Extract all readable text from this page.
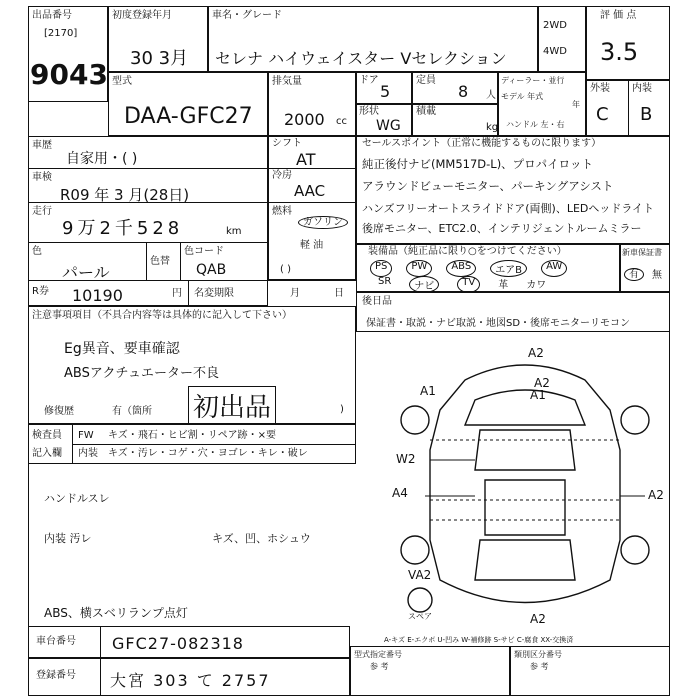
出品番号
[2170]
9043
初度登録年月
30 3月
車名・グレード
セレナ ハイウェイスター Vセレクション
2WD
4WD
評 価 点
3.5
型式
DAA-GFC27
排気量
2000 cc
ドア
5
定員
8 人
ディーラー・並行
モデル 年式
年
ハンドル 左・右
形状
WG
積載
kg
外装 内装
C B
車歴
自家用・( )
車検
R09 年 3 月(28日)
走行
9万2千528	km
色
パール
色替
色コード
QAB	( )
R券 10190	円 名変期限	月	日
シフト
AT
冷房
AAC
燃料
ガソリン
軽 油
セールスポイント（正常に機能するものに限ります）
純正後付ナビ(MM517D-L)、プロパイロット
アラウンドビューモニター、パーキングアシスト
ハンズフリーオートスライドドア(両側)、LEDヘッドライト
後席モニター、ETC2.0、インテリジェントルームミラー
装備品（純正品に限り○をつけてください）
PS	PW	ABS	エアB	AW
SR	ナビ	TV	革 カワ
新車保証書
有	無
後日品
保証書・取説・ナビ取説・地図SD・後席モニターリモコン
注意事項項目（不具合内容等は具体的に記入して下さい）
Eg異音、要車確認
ABSアクチュエーター不良
修復歴	有（箇所 初出品	)
検査員
記入欄
FW キズ・飛石・ヒビ割・リペア跡・×要
内装 キズ・汚レ・コゲ・穴・ヨゴレ・キレ・破レ
ハンドルスレ
内装 汚レ	キズ、凹、ホシュウ
ABS、横スベリランプ点灯
A2
A2
A1	A1
W2
A4	A2
VA2
A2
スペア
A-キズ E-エクボ U-凹み W-補修跡 S-サビ C-腐食 XX-交換済
車台番号 GFC27-082318
登録番号 大宮 303 て 2757
型式指定番号
参 考
類別区分番号
参 考
